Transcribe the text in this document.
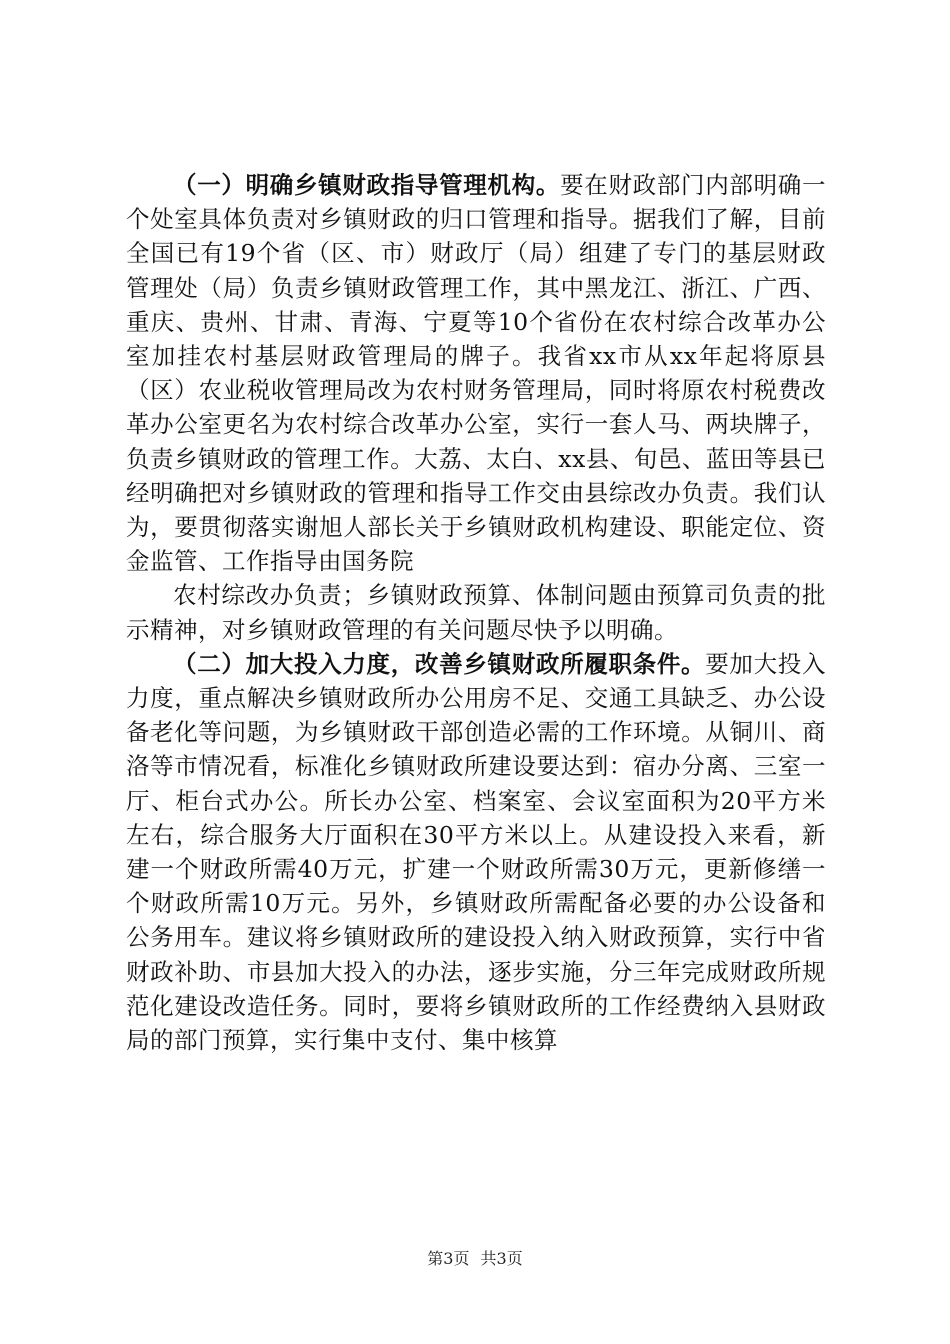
（一）明确乡镇财政指导管理机构。要在财政部门内部明确一个处室具体负责对乡镇财政的归口管理和指导。据我们了解，目前全国已有19个省（区、市）财政厅（局）组建了专门的基层财政管理处（局）负责乡镇财政管理工作，其中黑龙江、浙江、广西、重庆、贵州、甘肃、青海、宁夏等10个省份在农村综合改革办公室加挂农村基层财政管理局的牌子。我省xx市从xx年起将原县（区）农业税收管理局改为农村财务管理局，同时将原农村税费改革办公室更名为农村综合改革办公室，实行一套人马、两块牌子，负责乡镇财政的管理工作。大荔、太白、xx县、旬邑、蓝田等县已经明确把对乡镇财政的管理和指导工作交由县综改办负责。我们认为，要贯彻落实谢旭人部长关于乡镇财政机构建设、职能定位、资金监管、工作指导由国务院

农村综改办负责；乡镇财政预算、体制问题由预算司负责的批示精神，对乡镇财政管理的有关问题尽快予以明确。

（二）加大投入力度，改善乡镇财政所履职条件。要加大投入力度，重点解决乡镇财政所办公用房不足、交通工具缺乏、办公设备老化等问题，为乡镇财政干部创造必需的工作环境。从铜川、商洛等市情况看，标准化乡镇财政所建设要达到：宿办分离、三室一厅、柜台式办公。所长办公室、档案室、会议室面积为20平方米左右，综合服务大厅面积在30平方米以上。从建设投入来看，新建一个财政所需40万元，扩建一个财政所需30万元，更新修缮一个财政所需10万元。另外，乡镇财政所需配备必要的办公设备和公务用车。建议将乡镇财政所的建设投入纳入财政预算，实行中省财政补助、市县加大投入的办法，逐步实施，分三年完成财政所规范化建设改造任务。同时，要将乡镇财政所的工作经费纳入县财政局的部门预算，实行集中支付、集中核算

第3页 共3页
